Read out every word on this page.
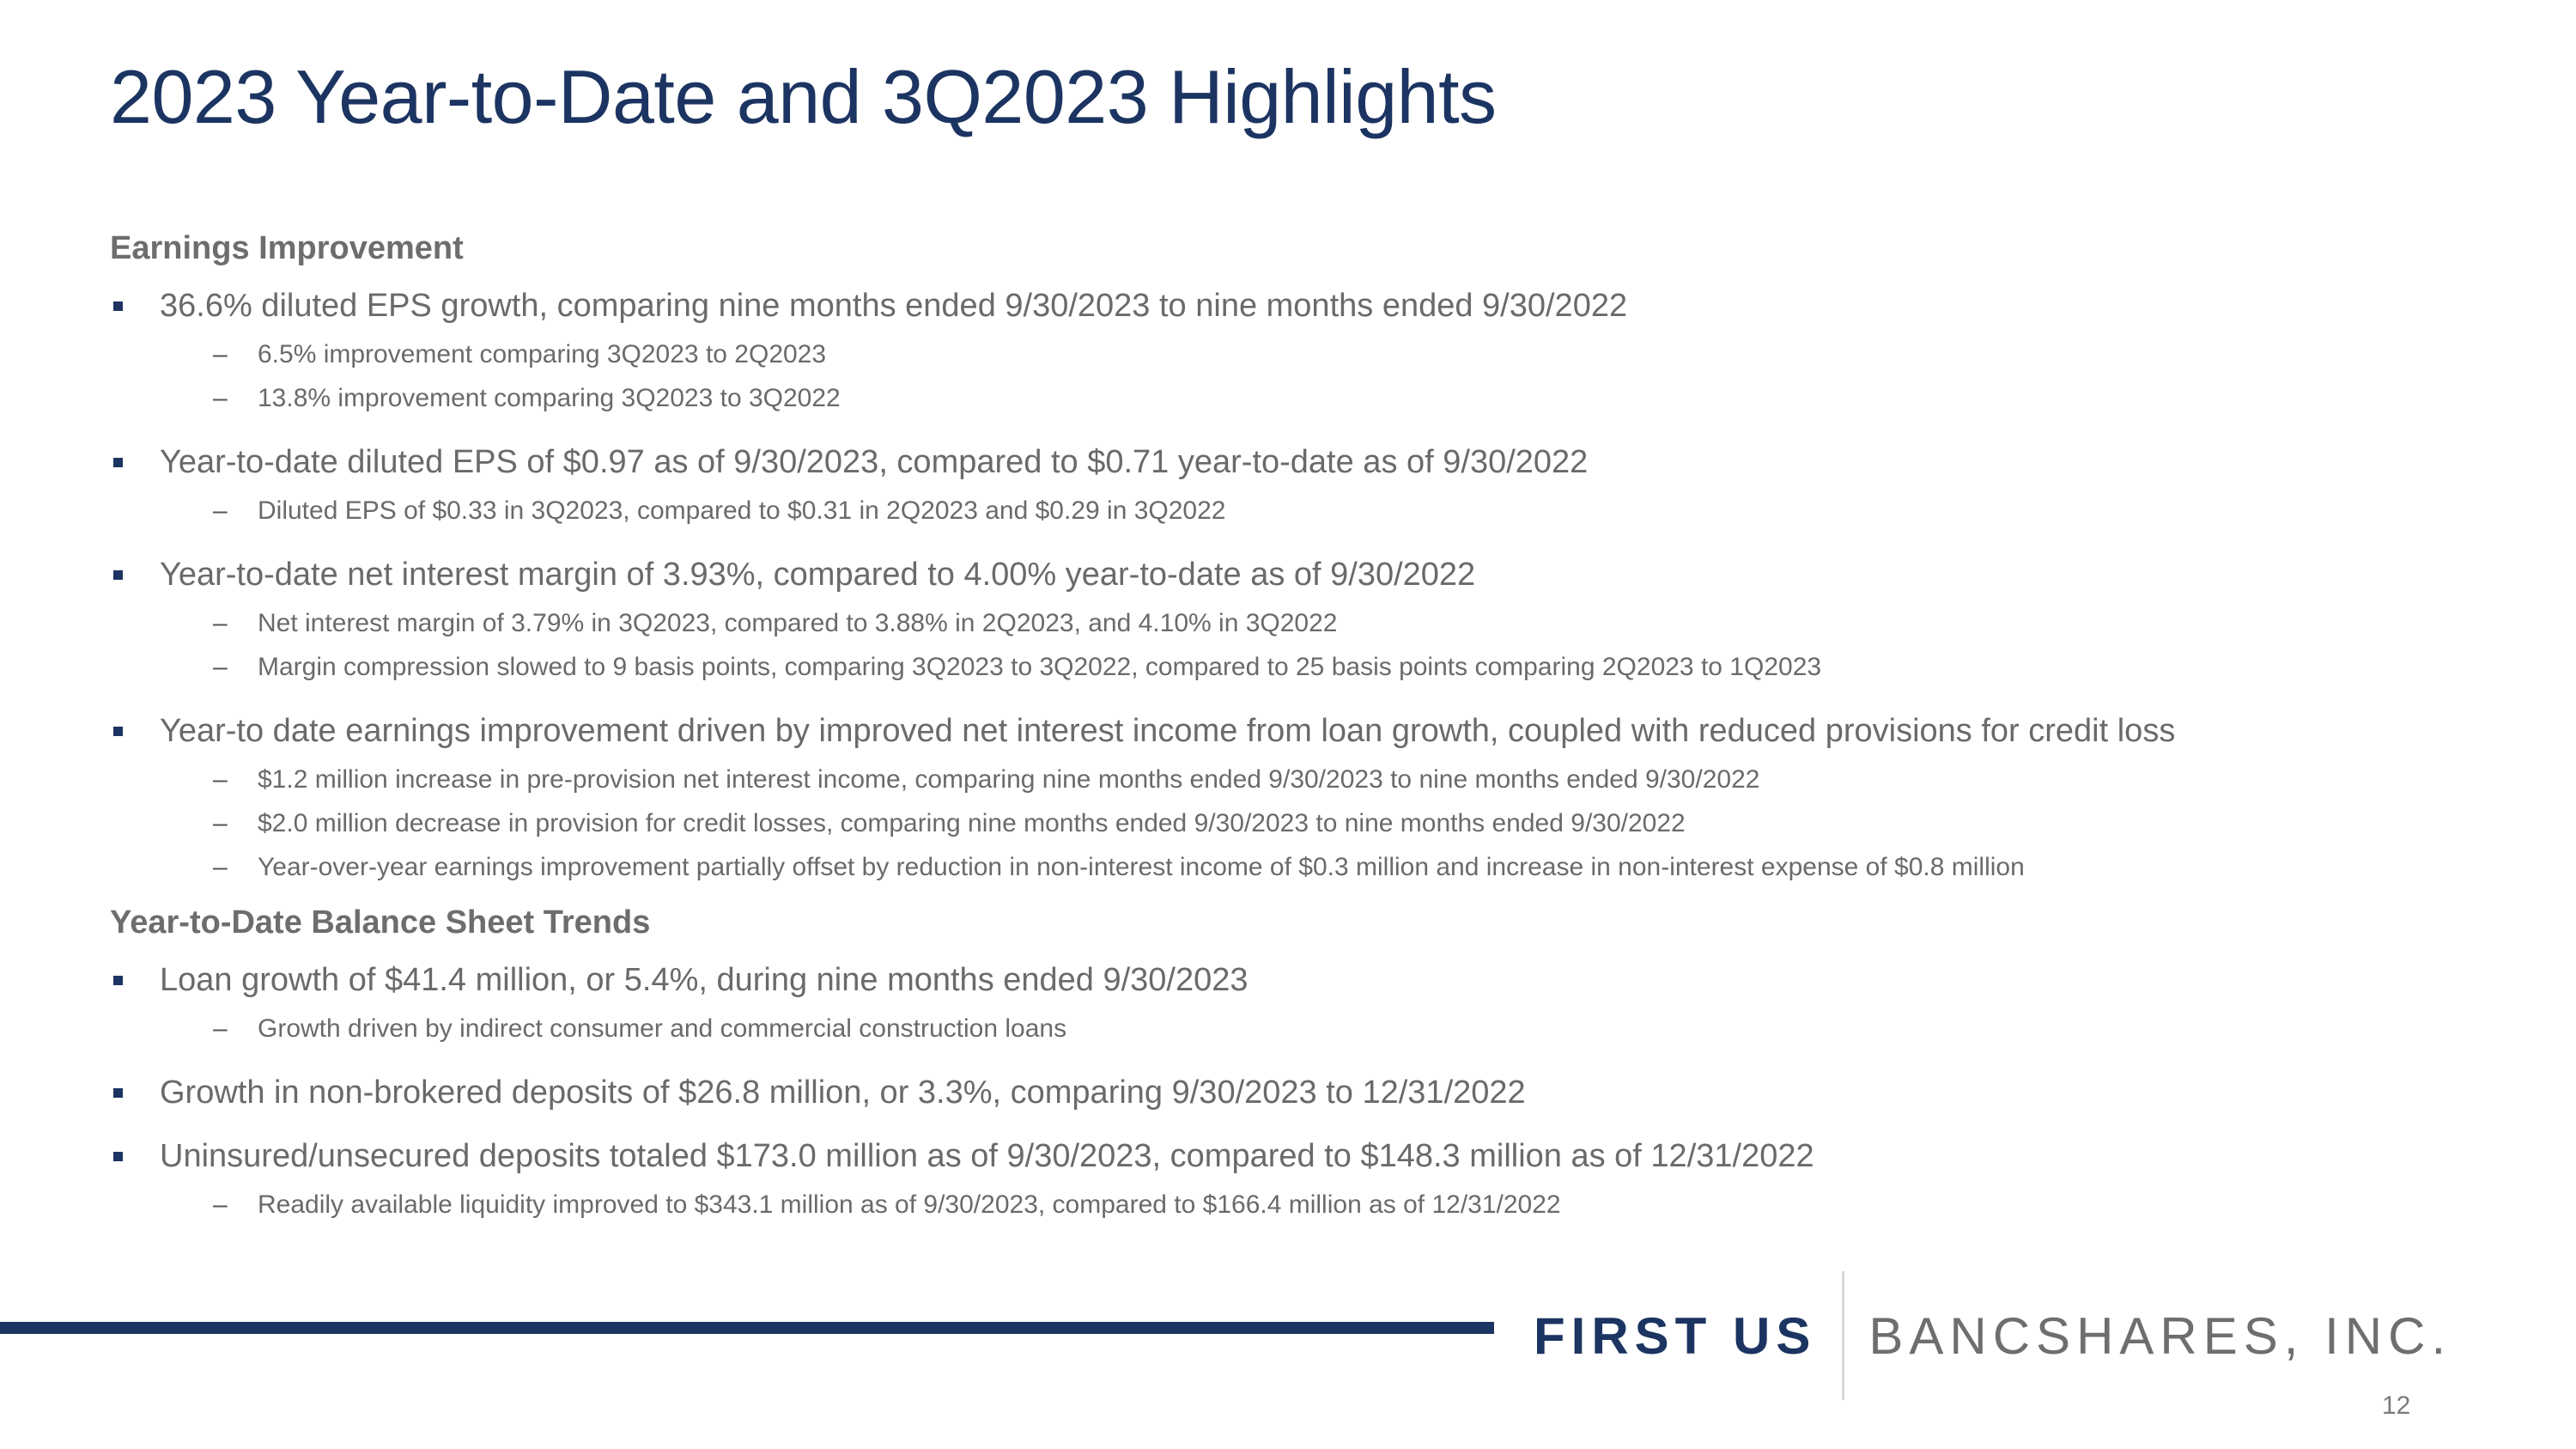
2023 Year-to-Date and 3Q2023 Highlights
Earnings Improvement
36.6% diluted EPS growth, comparing nine months ended 9/30/2023 to nine months ended 9/30/2022
– 6.5% improvement comparing 3Q2023 to 2Q2023
– 13.8% improvement comparing 3Q2023 to 3Q2022
Year-to-date diluted EPS of $0.97 as of 9/30/2023, compared to $0.71 year-to-date as of 9/30/2022
– Diluted EPS of $0.33 in 3Q2023, compared to $0.31 in 2Q2023 and $0.29 in 3Q2022
Year-to-date net interest margin of 3.93%, compared to 4.00% year-to-date as of 9/30/2022
– Net interest margin of 3.79% in 3Q2023, compared to 3.88% in 2Q2023, and 4.10% in 3Q2022
– Margin compression slowed to 9 basis points, comparing 3Q2023 to 3Q2022, compared to 25 basis points comparing 2Q2023 to 1Q2023
Year-to date earnings improvement driven by improved net interest income from loan growth, coupled with reduced provisions for credit loss
– $1.2 million increase in pre-provision net interest income, comparing nine months ended 9/30/2023 to nine months ended 9/30/2022
– $2.0 million decrease in provision for credit losses, comparing nine months ended 9/30/2023 to nine months ended 9/30/2022
– Year-over-year earnings improvement partially offset by reduction in non-interest income of $0.3 million and increase in non-interest expense of $0.8 million
Year-to-Date Balance Sheet Trends
Loan growth of $41.4 million, or 5.4%, during nine months ended 9/30/2023
– Growth driven by indirect consumer and commercial construction loans
Growth in non-brokered deposits of $26.8 million, or 3.3%, comparing 9/30/2023 to 12/31/2022
Uninsured/unsecured deposits totaled $173.0 million as of 9/30/2023, compared to $148.3 million as of 12/31/2022
– Readily available liquidity improved to $343.1 million as of 9/30/2023, compared to $166.4 million as of 12/31/2022
FIRST US BANCSHARES, INC.
12
